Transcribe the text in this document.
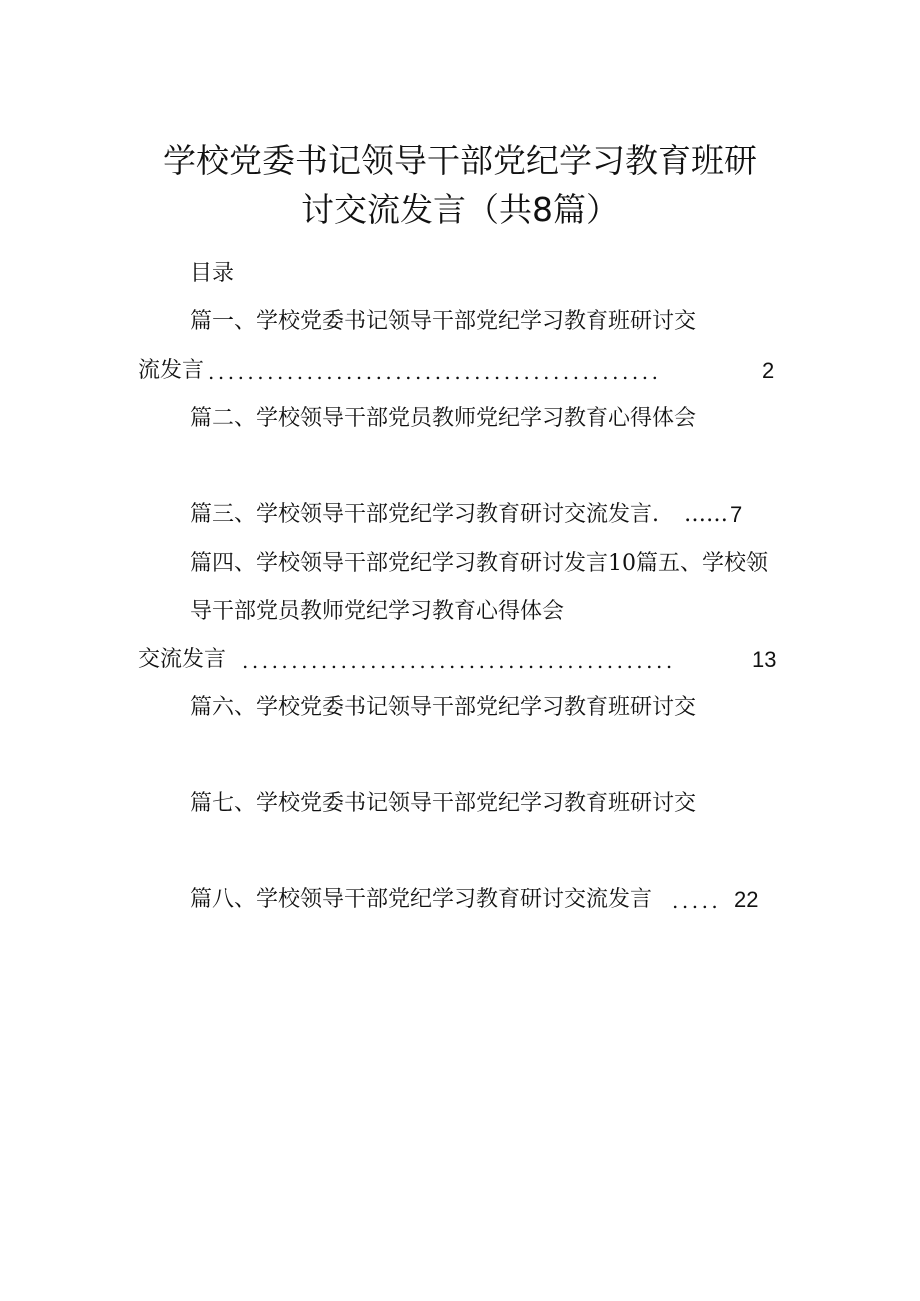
学校党委书记领导干部党纪学习教育班研
讨交流发言（共8篇）
目录
篇一、学校党委书记领导干部党纪学习教育班研讨交
流发言 ..............................................	2
篇二、学校领导干部党员教师党纪学习教育心得体会
篇三、学校领导干部党纪学习教育研讨交流发言. …… 7
篇四、学校领导干部党纪学习教育研讨发言10篇五、学校领
导干部党员教师党纪学习教育心得体会
交流发言 ............................................	13
篇六、学校党委书记领导干部党纪学习教育班研讨交
篇七、学校党委书记领导干部党纪学习教育班研讨交
篇八、学校领导干部党纪学习教育研讨交流发言 ..... 22
